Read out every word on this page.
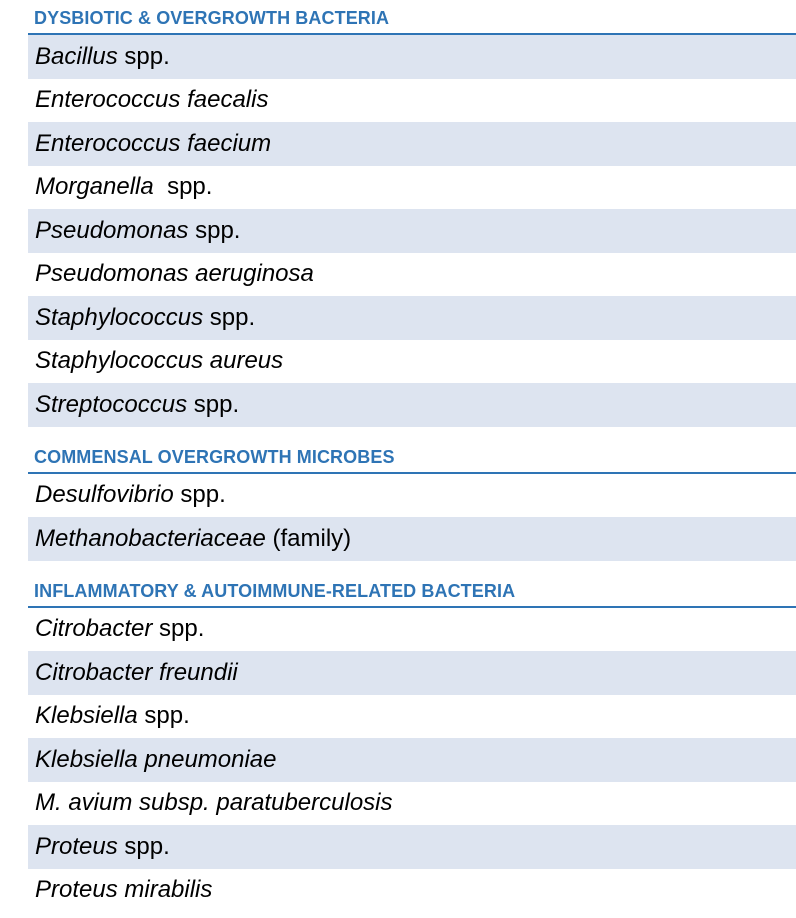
DYSBIOTIC & OVERGROWTH BACTERIA
Bacillus spp.
Enterococcus faecalis
Enterococcus faecium
Morganella  spp.
Pseudomonas spp.
Pseudomonas aeruginosa
Staphylococcus spp.
Staphylococcus aureus
Streptococcus spp.
COMMENSAL OVERGROWTH MICROBES
Desulfovibrio spp.
Methanobacteriaceae (family)
INFLAMMATORY & AUTOIMMUNE-RELATED BACTERIA
Citrobacter spp.
Citrobacter freundii
Klebsiella spp.
Klebsiella pneumoniae
M. avium subsp. paratuberculosis
Proteus spp.
Proteus mirabilis
